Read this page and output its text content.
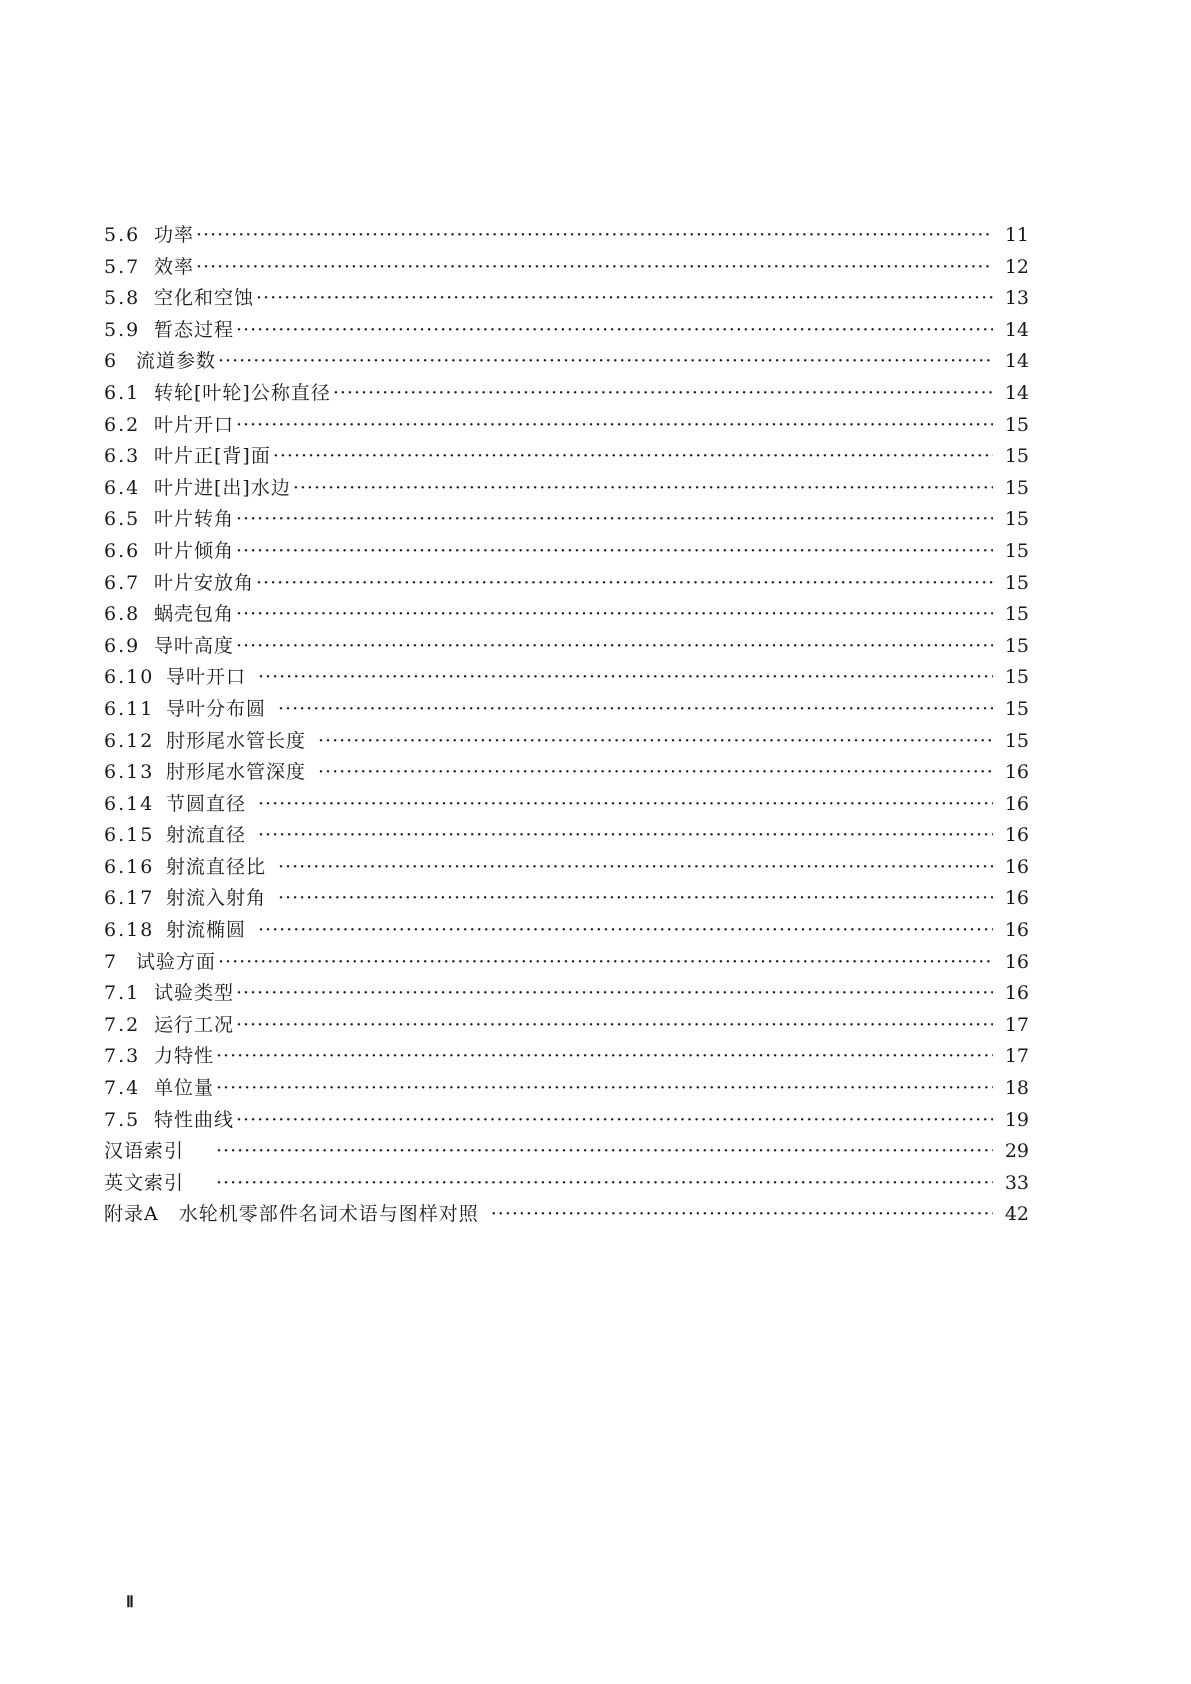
5.6 功率 ·····	11
5.7 效率 ·····	12
5.8 空化和空蚀 ·····	13
5.9 暂态过程 ·····	14
6 流道参数 ·····	14
6.1 转轮[叶轮]公称直径 ·····	14
6.2 叶片开口 ·····	15
6.3 叶片正[背]面 ·····	15
6.4 叶片进[出]水边 ·····	15
6.5 叶片转角 ·····	15
6.6 叶片倾角 ·····	15
6.7 叶片安放角 ·····	15
6.8 蜗壳包角 ·····	15
6.9 导叶高度 ·····	15
6.10 导叶开口 ·····	15
6.11 导叶分布圆 ·····	15
6.12 肘形尾水管长度 ·····	15
6.13 肘形尾水管深度 ·····	16
6.14 节圆直径 ·····	16
6.15 射流直径 ·····	16
6.16 射流直径比 ·····	16
6.17 射流入射角 ·····	16
6.18 射流椭圆 ·····	16
7 试验方面 ·····	16
7.1 试验类型 ·····	16
7.2 运行工况 ·····	17
7.3 力特性 ·····	17
7.4 单位量 ·····	18
7.5 特性曲线 ·····	19
汉语索引 ·····	29
英文索引 ·····	33
附录A　水轮机零部件名词术语与图样对照 ·····	42
Ⅱ
